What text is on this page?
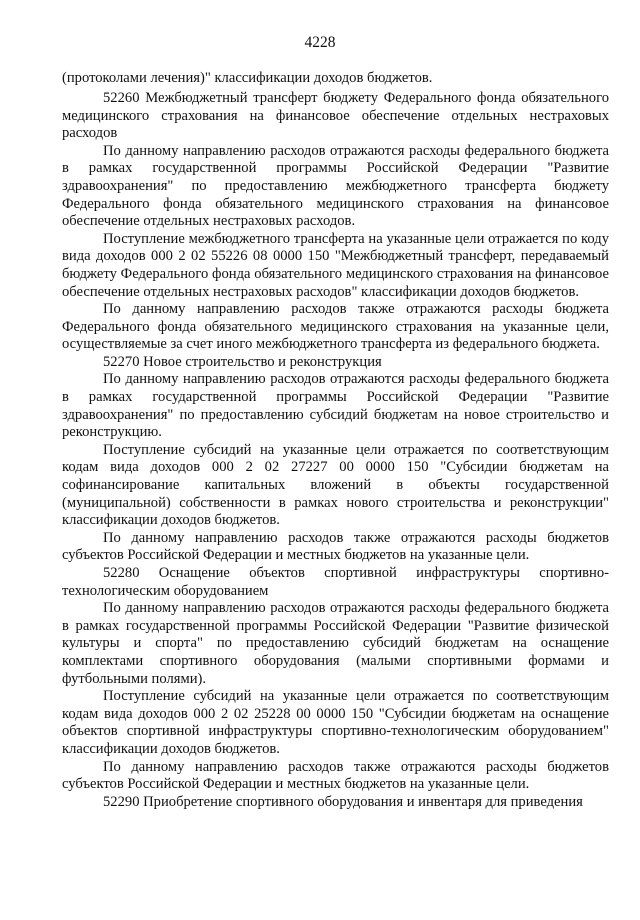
4228

(протоколами лечения)" классификации доходов бюджетов.

52260 Межбюджетный трансферт бюджету Федерального фонда обязательного медицинского страхования на финансовое обеспечение отдельных нестраховых расходов

По данному направлению расходов отражаются расходы федерального бюджета в рамках государственной программы Российской Федерации "Развитие здравоохранения" по предоставлению межбюджетного трансферта бюджету Федерального фонда обязательного медицинского страхования на финансовое обеспечение отдельных нестраховых расходов.

Поступление межбюджетного трансферта на указанные цели отражается по коду вида доходов 000 2 02 55226 08 0000 150 "Межбюджетный трансферт, передаваемый бюджету Федерального фонда обязательного медицинского страхования на финансовое обеспечение отдельных нестраховых расходов" классификации доходов бюджетов.

По данному направлению расходов также отражаются расходы бюджета Федерального фонда обязательного медицинского страхования на указанные цели, осуществляемые за счет иного межбюджетного трансферта из федерального бюджета.

52270 Новое строительство и реконструкция

По данному направлению расходов отражаются расходы федерального бюджета в рамках государственной программы Российской Федерации "Развитие здравоохранения" по предоставлению субсидий бюджетам на новое строительство и реконструкцию.

Поступление субсидий на указанные цели отражается по соответствующим кодам вида доходов 000 2 02 27227 00 0000 150 "Субсидии бюджетам на софинансирование капитальных вложений в объекты государственной (муниципальной) собственности в рамках нового строительства и реконструкции" классификации доходов бюджетов.

По данному направлению расходов также отражаются расходы бюджетов субъектов Российской Федерации и местных бюджетов на указанные цели.

52280 Оснащение объектов спортивной инфраструктуры спортивно-технологическим оборудованием

По данному направлению расходов отражаются расходы федерального бюджета в рамках государственной программы Российской Федерации "Развитие физической культуры и спорта" по предоставлению субсидий бюджетам на оснащение комплектами спортивного оборудования (малыми спортивными формами и футбольными полями).

Поступление субсидий на указанные цели отражается по соответствующим кодам вида доходов 000 2 02 25228 00 0000 150 "Субсидии бюджетам на оснащение объектов спортивной инфраструктуры спортивно-технологическим оборудованием" классификации доходов бюджетов.

По данному направлению расходов также отражаются расходы бюджетов субъектов Российской Федерации и местных бюджетов на указанные цели.

52290 Приобретение спортивного оборудования и инвентаря для приведения
